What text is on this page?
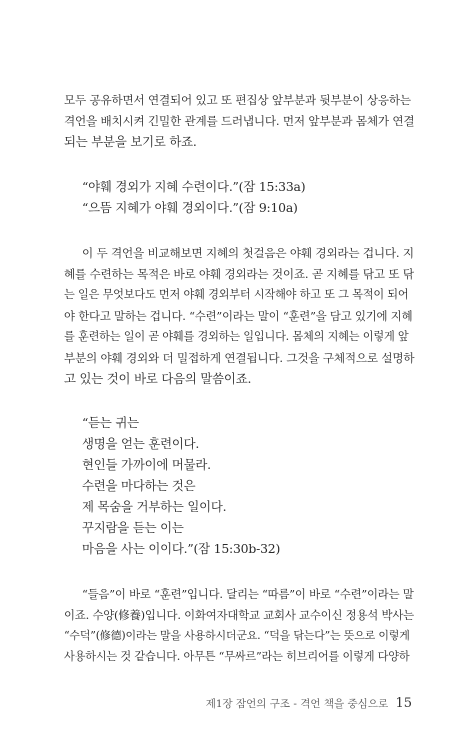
모두 공유하면서 연결되어 있고 또 편집상 앞부분과 뒷부분이 상응하는
격언을 배치시켜 긴밀한 관계를 드러냅니다. 먼저 앞부분과 몸체가 연결
되는 부분을 보기로 하죠.
“야훼 경외가 지혜 수련이다.”(잠 15:33a)
“으뜸 지혜가 야훼 경외이다.”(잠 9:10a)
이 두 격언을 비교해보면 지혜의 첫걸음은 야훼 경외라는 겁니다. 지
혜를 수련하는 목적은 바로 야훼 경외라는 것이죠. 곧 지혜를 닦고 또 닦
는 일은 무엇보다도 먼저 야훼 경외부터 시작해야 하고 또 그 목적이 되어
야 한다고 말하는 겁니다. “수련”이라는 말이 “훈련”을 담고 있기에 지혜
를 훈련하는 일이 곧 야훼를 경외하는 일입니다. 몸체의 지혜는 이렇게 앞
부분의 야훼 경외와 더 밀접하게 연결됩니다. 그것을 구체적으로 설명하
고 있는 것이 바로 다음의 말씀이죠.
“듣는 귀는
생명을 얻는 훈련이다.
현인들 가까이에 머물라.
수련을 마다하는 것은
제 목숨을 거부하는 일이다.
꾸지람을 듣는 이는
마음을 사는 이이다.”(잠 15:30b-32)
“들음”이 바로 “훈련”입니다. 달리는 “따름”이 바로 “수련”이라는 말
이죠. 수양(修養)입니다. 이화여자대학교 교회사 교수이신 정용석 박사는
“수덕”(修德)이라는 말을 사용하시더군요. “덕을 닦는다”는 뜻으로 이렇게
사용하시는 것 같습니다. 아무튼 “무싸르”라는 히브리어를 이렇게 다양하
제1장 잠언의 구조 - 격언 책을 중심으로 15
